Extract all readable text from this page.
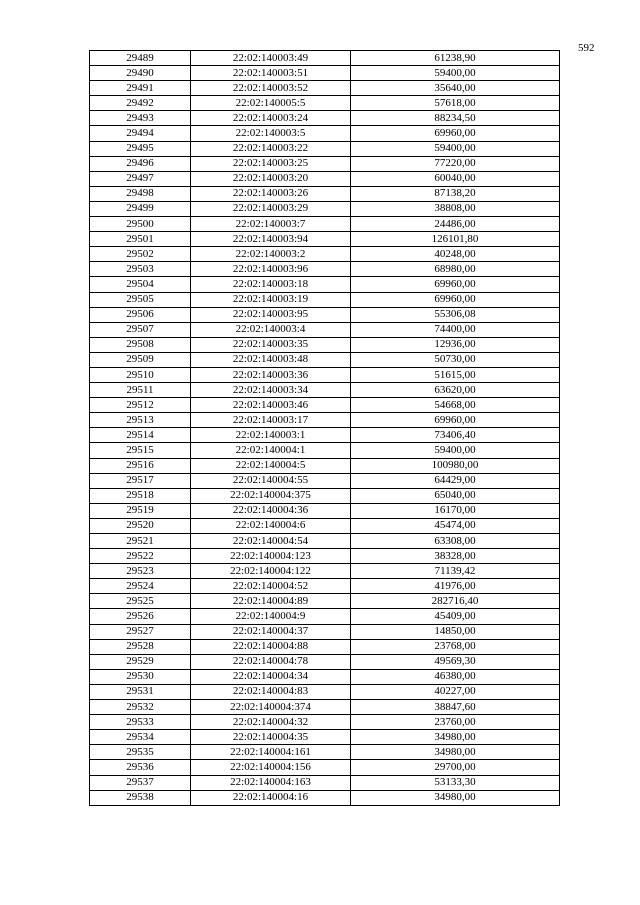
592
29489	22:02:140003:49	61238,90
29490	22:02:140003:51	59400,00
29491	22:02:140003:52	35640,00
29492	22:02:140005:5	57618,00
29493	22:02:140003:24	88234,50
29494	22:02:140003:5	69960,00
29495	22:02:140003:22	59400,00
29496	22:02:140003:25	77220,00
29497	22:02:140003:20	60040,00
29498	22:02:140003:26	87138,20
29499	22:02:140003:29	38808,00
29500	22:02:140003:7	24486,00
29501	22:02:140003:94	126101,80
29502	22:02:140003:2	40248,00
29503	22:02:140003:96	68980,00
29504	22:02:140003:18	69960,00
29505	22:02:140003:19	69960,00
29506	22:02:140003:95	55306,08
29507	22:02:140003:4	74400,00
29508	22:02:140003:35	12936,00
29509	22:02:140003:48	50730,00
29510	22:02:140003:36	51615,00
29511	22:02:140003:34	63620,00
29512	22:02:140003:46	54668,00
29513	22:02:140003:17	69960,00
29514	22:02:140003:1	73406,40
29515	22:02:140004:1	59400,00
29516	22:02:140004:5	100980,00
29517	22:02:140004:55	64429,00
29518	22:02:140004:375	65040,00
29519	22:02:140004:36	16170,00
29520	22:02:140004:6	45474,00
29521	22:02:140004:54	63308,00
29522	22:02:140004:123	38328,00
29523	22:02:140004:122	71139,42
29524	22:02:140004:52	41976,00
29525	22:02:140004:89	282716,40
29526	22:02:140004:9	45409,00
29527	22:02:140004:37	14850,00
29528	22:02:140004:88	23768,00
29529	22:02:140004:78	49569,30
29530	22:02:140004:34	46380,00
29531	22:02:140004:83	40227,00
29532	22:02:140004:374	38847,60
29533	22:02:140004:32	23760,00
29534	22:02:140004:35	34980,00
29535	22:02:140004:161	34980,00
29536	22:02:140004:156	29700,00
29537	22:02:140004:163	53133,30
29538	22:02:140004:16	34980,00
